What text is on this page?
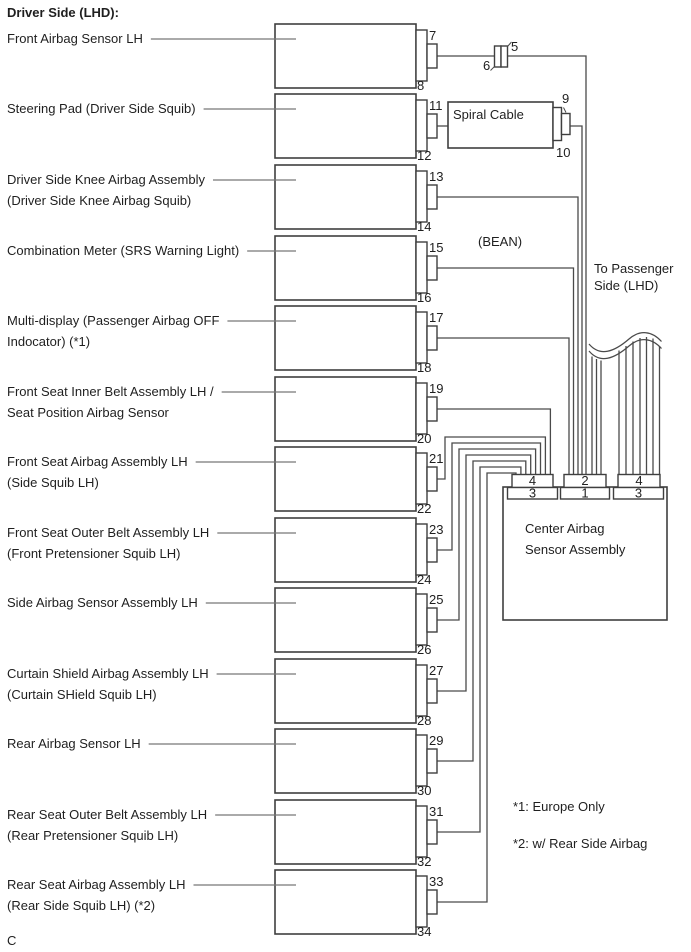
7
8
Front Airbag Sensor LH
11
12
Steering Pad (Driver Side Squib)
13
14
Driver Side Knee Airbag Assembly
(Driver Side Knee Airbag Squib)
15
16
Combination Meter (SRS Warning Light)
17
18
Multi-display (Passenger Airbag OFF
Indocator) (*1)
19
20
Front Seat Inner Belt Assembly LH /
Seat Position Airbag Sensor
21
22
Front Seat Airbag Assembly LH
(Side Squib LH)
23
24
Front Seat Outer Belt Assembly LH
(Front Pretensioner Squib LH)
25
26
Side Airbag Sensor Assembly LH
27
28
Curtain Shield Airbag Assembly LH
(Curtain SHield Squib LH)
29
30
Rear Airbag Sensor LH
31
32
Rear Seat Outer Belt Assembly LH
(Rear Pretensioner Squib LH)
33
34
Rear Seat Airbag Assembly LH
(Rear Side Squib LH) (*2)
5
6
9
10
4
3
2
1
4
3
Driver Side (LHD):
Spiral Cable
(BEAN)
To Passenger
Side (LHD)
Center Airbag
Sensor Assembly
*1: Europe Only
*2: w/ Rear Side Airbag
C
